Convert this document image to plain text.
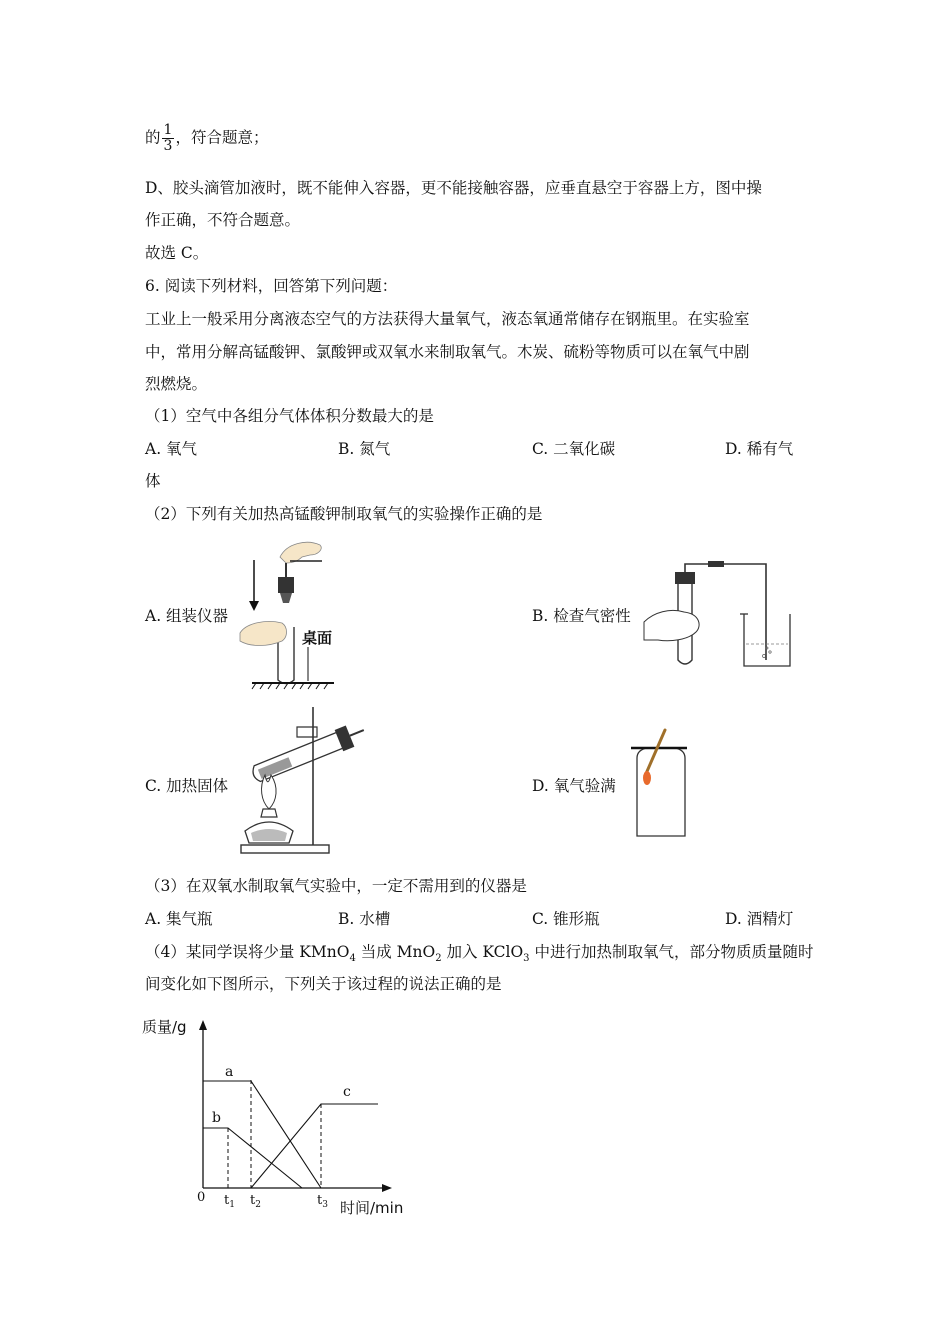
的 $\frac{1}{3}$ ，符合题意；
D、胶头滴管加液时，既不能伸入容器，更不能接触容器，应垂直悬空于容器上方，图中操
作正确，不符合题意。
故选 C。
6. 阅读下列材料，回答第下列问题：
工业上一般采用分离液态空气的方法获得大量氧气，液态氧通常储存在钢瓶里。在实验室
中，常用分解高锰酸钾、氯酸钾或双氧水来制取氧气。木炭、硫粉等物质可以在氧气中剧
烈燃烧。
（1）空气中各组分气体体积分数最大的是
A. 氧气	B. 氮气	C. 二氧化碳	D. 稀有气
体
（2）下列有关加热高锰酸钾制取氧气的实验操作正确的是
A. 组装仪器	B. 检查气密性
C. 加热固体	D. 氧气验满
桌面
（3）在双氧水制取氧气实验中，一定不需用到的仪器是
A. 集气瓶	B. 水槽	C. 锥形瓶	D. 酒精灯
（4）某同学误将少量 KMnO$_4$ 当成 MnO$_2$ 加入 KClO$_3$ 中进行加热制取氧气，部分物质质量随时
间变化如下图所示，下列关于该过程的说法正确的是
质量/g
0 $t_1$ $t_2$	$t_3$ 时间/min
a
b
c
